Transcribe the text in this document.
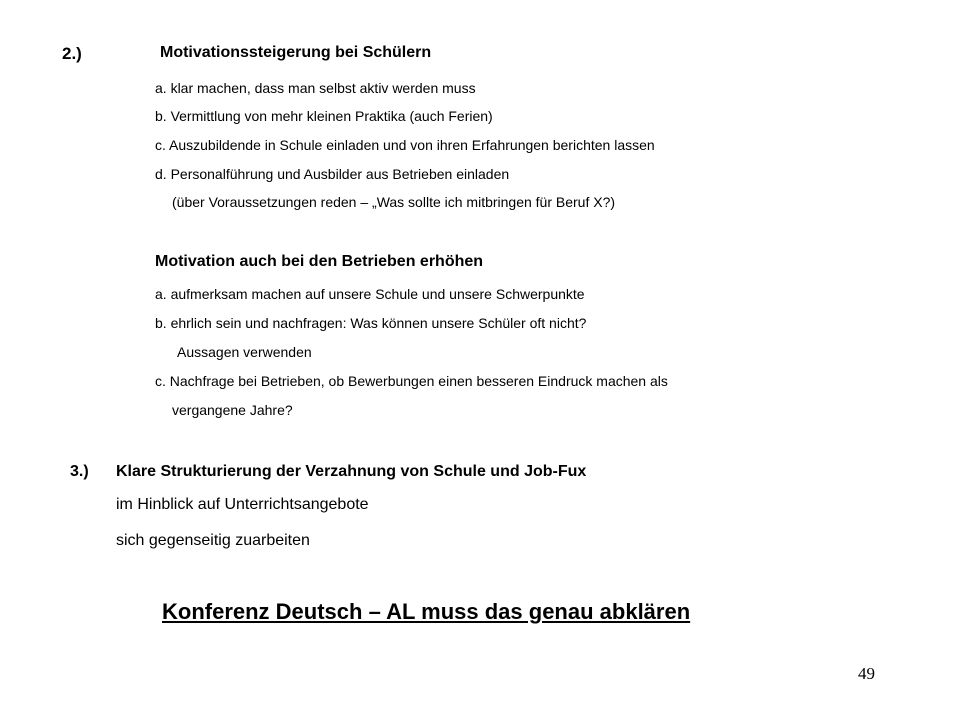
2.)	Motivationssteigerung bei Schülern
a. klar machen, dass man selbst aktiv werden muss
b. Vermittlung von mehr kleinen Praktika (auch Ferien)
c. Auszubildende in Schule einladen und von ihren Erfahrungen berichten lassen
d. Personalführung und Ausbilder aus Betrieben einladen
(über Voraussetzungen reden – „Was sollte ich mitbringen für Beruf X?)
Motivation auch bei den Betrieben erhöhen
a. aufmerksam machen auf unsere Schule und unsere Schwerpunkte
b. ehrlich sein und nachfragen: Was können unsere Schüler oft nicht?
Aussagen verwenden
c. Nachfrage bei Betrieben, ob Bewerbungen einen besseren Eindruck machen als
vergangene Jahre?
3.) Klare Strukturierung der Verzahnung von Schule und Job-Fux
im Hinblick auf Unterrichtsangebote
sich gegenseitig zuarbeiten
Konferenz Deutsch – AL muss das genau abklären
49
